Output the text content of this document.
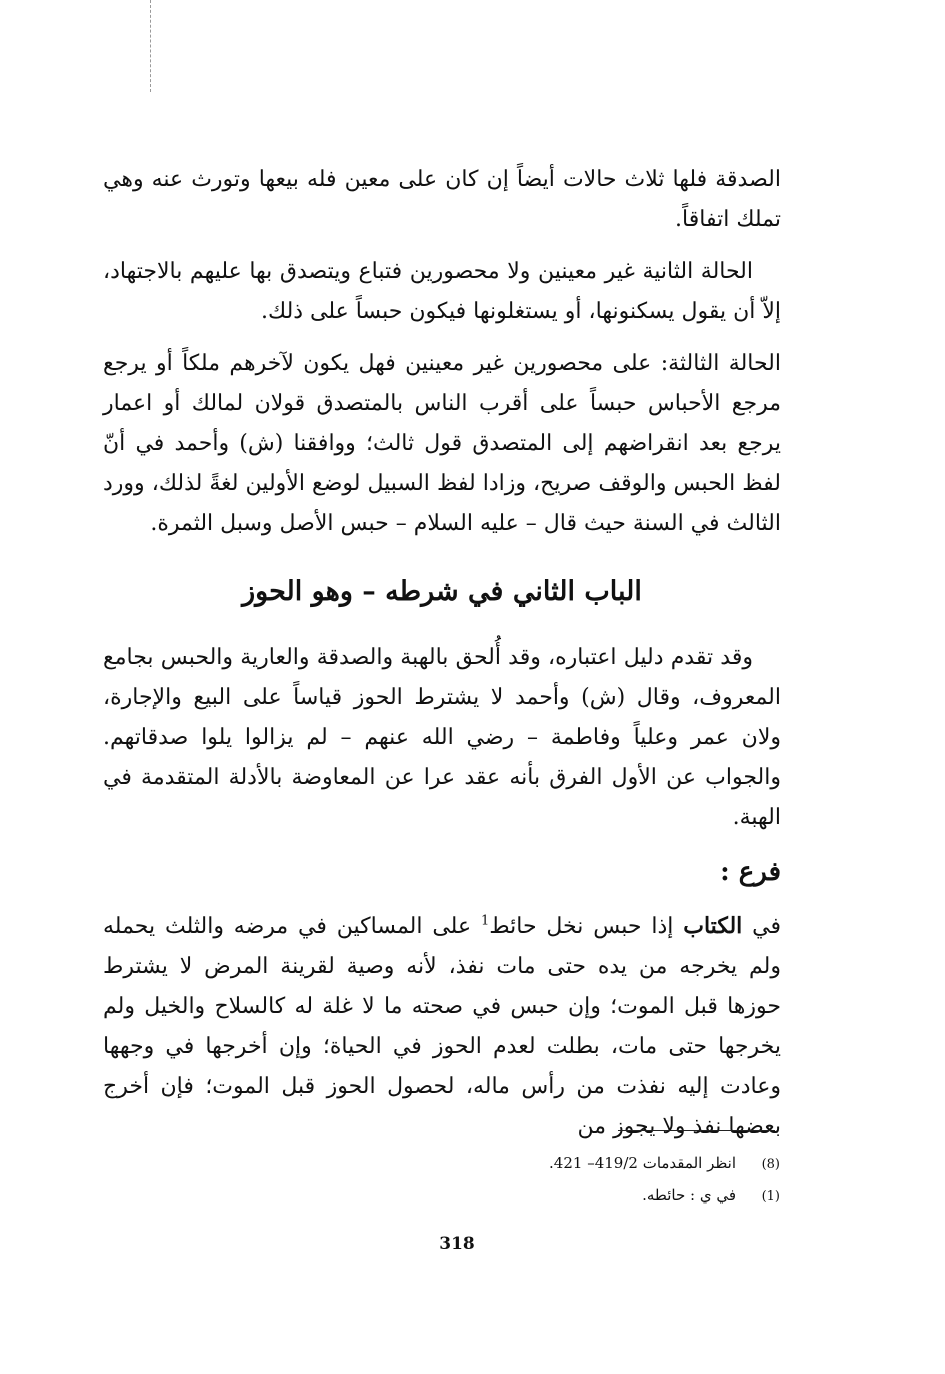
الصدقة فلها ثلاث حالات أيضاً إن كان على معين فله بيعها وتورث عنه وهي تملك اتفاقاً.

الحالة الثانية غير معينين ولا محصورين فتباع ويتصدق بها عليهم بالاجتهاد، إلاّ أن يقول يسكنونها، أو يستغلونها فيكون حبساً على ذلك.

الحالة الثالثة: على محصورين غير معينين فهل يكون لآخرهم ملكاً أو يرجع مرجع الأحباس حبساً على أقرب الناس بالمتصدق قولان لمالك أو اعمار يرجع بعد انقراضهم إلى المتصدق قول ثالث؛ ووافقنا (ش) وأحمد في أنّ لفظ الحبس والوقف صريح، وزادا لفظ السبيل لوضع الأولين لغةً لذلك، وورد الثالث في السنة حيث قال – عليه السلام – حبس الأصل وسبل الثمرة.

الباب الثاني في شرطه – وهو الحوز

وقد تقدم دليل اعتباره، وقد أُلحق بالهبة والصدقة والعارية والحبس بجامع المعروف، وقال (ش) وأحمد لا يشترط الحوز قياساً على البيع والإجارة، ولان عمر وعلياً وفاطمة – رضي الله عنهم – لم يزالوا يلوا صدقاتهم. والجواب عن الأول الفرق بأنه عقد عرا عن المعاوضة بالأدلة المتقدمة في الهبة.

فرع :

في الكتاب إذا حبس نخل حائط$^1$ على المساكين في مرضه والثلث يحمله ولم يخرجه من يده حتى مات نفذ، لأنه وصية لقرينة المرض لا يشترط حوزها قبل الموت؛ وإن حبس في صحته ما لا غلة له كالسلاح والخيل ولم يخرجها حتى مات، بطلت لعدم الحوز في الحياة؛ وإن أخرجها في وجهها وعادت إليه نفذت من رأس ماله، لحصول الحوز قبل الموت؛ فإن أخرج بعضها نفذ ولا يجوز من

(8)انظر المقدمات 419/2– 421.
(1)في ي : حائطه.
318
